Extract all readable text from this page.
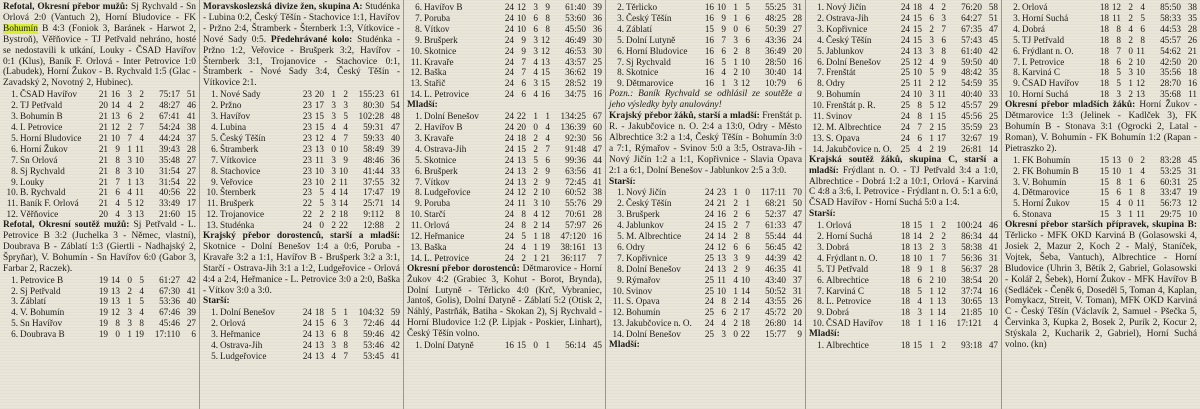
Refotal, Okresní přebor mužů: Sj Rychvald - Sn Orlová 2:0 (Vantuch 2), Horní Bludovice - FK Bohumín B 4:3 (Foniok 3, Baránek - Harwot 2, Bystroň), Věřňovice - TJ Petřvald nehráno, hosté se nedostavili k utkání, Louky - ČSAD Havířov 0:1 (Klus), Baník F. Orlová - Inter Petrovice 1:0 (Labudek), Horní Žukov - B. Rychvald 1:5 (Glac - Zavadský 2, Novotný 2, Hubinec).

1.	ČSAD Havířov	21	16	3	2	75:17	51
2.	TJ Petřvald	20	14	4	2	48:27	46
3.	Bohumín B	21	13	6	2	67:41	41
4.	I. Petrovice	21	12	2	7	54:24	38
5.	Horní Bludovice	21	10	7	4	44:24	37
6.	Horní Žukov	21	9	1	11	39:43	28
7.	Sn Orlová	21	8	3	10	35:48	27
8.	Sj Rychvald	21	8	3	10	31:54	27
9.	Louky	21	7	1	13	31:54	22
10.	B. Rychvald	21	6	4	11	40:56	22
11.	Baník F. Orlová	21	4	5	12	33:49	17
12.	Věřňovice	20	4	3	13	21:60	15

Refotal, Okresní soutěž mužů: Sj Petřvald - L. Petrovice B 3:2 (Juchelka 3 - Němec, vlastní), Doubrava B - Záblatí 1:3 (Giertli - Nadhajský 2, Špryňar), V. Bohumín - Sn Havířov 6:0 (Gabor 3, Farbar 2, Raczek).

1.	Petrovice B	19	14	0	5	61:27	42
2.	Sj Petřvald	19	13	2	4	67:30	41
3.	Záblatí	19	13	1	5	53:36	40
4.	V. Bohumín	19	12	3	4	67:46	39
5.	Sn Havířov	19	8	3	8	45:46	27
6.	Doubrava B	19	0	1	19	17:110	6

Moravskoslezská divize žen, skupina A: Studénka - Lubina 0:2, Český Těšín - Stachovice 1:1, Havířov - Pržno 2:4, Štramberk - Šternberk 1:3, Vítkovice - Nové Sady 0:5. Předehrávané kolo: Studénka - Pržno 1:2, Veřovice - Brušperk 3:2, Havířov - Šternberk 3:1, Trojanovice - Stachovice 0:1, Štramberk - Nové Sady 3:4, Český Těšín - Vítkovice 2:1.

1.	Nové Sady	23	20	1	2	155:23	61
2.	Pržno	23	17	3	3	80:30	54
3.	Havířov	23	15	3	5	102:28	48
4.	Lubina	23	15	4	4	59:31	47
5.	Český Těšín	23	12	4	7	59:33	40
6.	Štramberk	23	13	0	10	58:49	39
7.	Vítkovice	23	11	3	9	48:46	36
8.	Stachovice	23	10	3	10	41:44	33
9.	Veřovice	23	10	2	11	37:55	32
10.	Šternberk	23	5	4	14	17:47	19
11.	Brušperk	22	5	3	14	25:71	14
12.	Trojanovice	22	2	2	18	9:112	8
13.	Studénka	24	0	2	22	12:88	2

Krajský přebor dorostenců, starší a mladší: Skotnice - Dolní Benešov 1:4 a 0:6, Poruba - Kravaře 3:2 a 1:1, Havířov B - Brušperk 3:2 a 3:1, Starčí - Ostrava-Jih 3:1 a 1:2, Ludgeřovice - Orlová 4:4 a 2:4, Heřmanice - L. Petrovice 3:0 a 2:0, Baška - Vítkov 3:0 a 3:0.

Starší:
1.	Dolní Benešov	24	18	5	1	104:32	59
2.	Orlová	24	15	6	3	72:46	44
3.	Heřmanice	24	13	6	8	59:46	42
4.	Ostrava-Jih	24	13	3	8	53:46	42
5.	Ludgeřovice	24	13	4	7	53:45	41
6.	Havířov B	24	12	3	9	61:40	39
7.	Poruba	24	10	6	8	53:60	36
8.	Vítkov	24	10	6	8	45:50	36
9.	Brušperk	24	9	3	12	46:49	30
10.	Skotnice	24	9	3	12	46:53	30
11.	Kravaře	24	7	4	13	43:57	25
12.	Baška	24	7	4	15	36:62	19
13.	Stařič	24	6	3	15	28:52	19
14.	L. Petrovice	24	6	4	16	34:75	16
Mladší:
1.	Dolní Benešov	24	22	1	1	134:25	67
2.	Havířov B	24	20	0	4	136:39	60
3.	Kravaře	24	18	2	4	92:30	56
4.	Ostrava-Jih	24	15	2	7	91:48	47
5.	Skotnice	24	13	5	6	99:36	44
6.	Brušperk	24	13	2	9	63:56	41
7.	Vítkov	24	13	2	9	72:45	41
8.	Ludgeřovice	24	12	2	10	60:52	38
9.	Poruba	24	11	3	10	55:76	29
10.	Starčí	24	8	4	12	70:61	28
11.	Orlová	24	8	2	14	57:97	26
12.	Heřmanice	24	5	1	18	47:120	16
13.	Baška	24	4	1	19	38:161	13
14.	L. Petrovice	24	2	1	21	36:117	7

Okresní přebor dorostenců: Dětmarovice - Horní Žukov 4:2 (Grabiec 3, Kohut - Borot, Brynda), Dolní Lutyně - Těrlicko 4:0 (Krč, Vybraniec, Jantoš, Golis), Dolní Datyně - Záblatí 5:2 (Otisk 2, Náhlý, Pastrňák, Batiha - Skokan 2), Sj Rychvald - Horní Bludovice 1:2 (P. Lipjak - Poskier, Linhart), Český Těšín volno.

1.	Dolní Datyně	16	15	0	1	56:14	45
2.	Těrlicko	16	10	1	5	55:25	31
3.	Český Těšín	16	9	1	6	48:25	28
4.	Záblatí	15	9	0	6	50:39	27
5.	Dolní Lutyně	16	7	3	6	43:36	24
6.	Horní Bludovice	16	6	2	8	36:49	20
7.	Sj Rychvald	16	5	1	10	28:50	16
8.	Skotnice	16	4	2	10	30:40	14
9.	Dětmarovice	16	1	3	12	10:79	6

Pozn.: Baník Rychvald se odhlásil ze soutěže a jeho výsledky byly anulovány!

Krajský přebor žáků, starší a mladší: Frenštát p. R. - Jakubčovice n. O. 2:4 a 13:0, Odry - Město Albrechtice 3:2 a 1:4, Český Těšín - Bohumín 3:0 a 7:1, Rýmařov - Svinov 5:0 a 3:5, Ostrava-Jih - Nový Jičín 1:2 a 1:1, Kopřivnice - Slavia Opava 2:1 a 6:1, Dolní Benešov - Jablunkov 2:5 a 3:0.

Starší:
1.	Nový Jičín	24	23	1	0	117:11	70
2.	Český Těšín	24	21	2	1	68:21	50
3.	Brušperk	24	16	2	6	52:37	47
4.	Jablunkov	24	15	2	7	61:33	47
5.	M. Albrechtice	24	14	2	8	55:44	44
6.	Odry	24	12	6	6	56:45	42
7.	Kopřivnice	25	13	3	9	44:39	42
8.	Dolní Benešov	24	13	2	9	46:35	41
9.	Rýmařov	25	11	4	10	43:40	37
10.	Svinov	25	10	1	14	50:52	31
11.	S. Opava	24	8	2	14	43:55	26
12.	Bohumín	25	6	2	17	45:72	20
13.	Jakubčovice n. O.	24	4	2	18	26:80	14
14.	Dolní Benešov	25	3	0	22	15:77	9
Mladší:
1.	Nový Jičín	24	18	4	2	76:20	58
2.	Ostrava-Jih	24	15	6	3	64:27	51
3.	Kopřivnice	24	15	2	7	67:35	47
4.	Český Těšín	24	15	3	6	57:43	45
5.	Jablunkov	24	13	3	8	61:40	42
6.	Dolní Benešov	25	12	4	9	59:50	40
7.	Frenštát	25	10	5	9	48:42	35
8.	Odry	25	11	2	12	54:59	35
9.	Bohumín	24	10	3	11	40:40	33
10.	Frenštát p. R.	25	8	5	12	45:57	29
11.	Svinov	24	8	1	15	45:56	25
12.	M. Albrechtice	24	7	2	15	35:59	23
13.	S. Opava	24	6	1	17	32:67	19
14.	Jakubčovice n. O.	25	4	2	19	26:81	14

Krajská soutěž žáků, skupina C, starší a mladší: Frýdlant n. O. - TJ Petřvald 3:4 a 1:0, Albrechtice - Dobrá 1:2 a 10:1, Orlová - Karviná C 4:8 a 3:6, I. Petrovice - Frýdlant n. O. 5:1 a 6:0, ČSAD Havířov - Horní Suchá 5:0 a 1:4.

Starší:
1.	Orlová	18	15	1	2	100:24	46
2.	Horní Suchá	18	14	2	2	86:34	44
3.	Dobrá	18	13	2	3	58:38	41
4.	Frýdlant n. O.	18	10	1	7	56:36	31
5.	TJ Petřvald	18	9	1	8	56:37	28
6.	Albrechtice	18	6	2	10	38:54	20
7.	Karviná C	18	5	1	12	37:74	16
8.	L. Petrovice	18	4	1	13	30:65	13
9.	Dobrá	18	3	1	14	21:85	10
10.	ČSAD Havířov	18	1	1	16	17:121	4
Mladší:
1.	Albrechtice	18	15	1	2	93:18	47
2.	Orlová	18	12	2	4	85:50	38
3.	Horní Suchá	18	11	2	5	58:33	35
4.	Dobrá	18	8	4	6	44:53	28
5.	TJ Petřvald	18	8	2	8	45:57	26
6.	Frýdlant n. O.	18	7	0	11	54:62	21
7.	I. Petrovice	18	6	2	10	42:50	20
8.	Karviná C	18	5	3	10	35:56	18
9.	ČSAD Havířov	18	5	1	12	28:70	16
10.	Horní Suchá	18	3	2	13	35:68	11

Okresní přebor mladších žáků: Horní Žukov - Dětmarovice 1:3 (Jelinek - Kadlček 3), FK Bohumín B - Stonava 3:1 (Ogrocki 2, Latal - Roman), V. Bohumín - FK Bohumín 1:2 (Rapan - Pietraszko 2).

1.	FK Bohumín	15	13	0	2	83:28	45
2.	FK Bohumín B	15	10	1	4	53:25	31
3.	V. Bohumín	15	8	1	6	60:31	25
4.	Dětmarovice	15	6	1	8	33:47	19
5.	Horní Žukov	15	4	0	11	56:73	12
6.	Stonava	15	3	1	11	29:75	10

Okresní přebor starších přípravek, skupina B: Těrlicko - MFK OKD Karviná B (Golasowski 4, Josiek 2, Mazur 2, Koch 2 - Malý, Staníček, Vojtek, Šeba, Vantuch), Albrechtice - Horní Bludovice (Uhrin 3, Bětík 2, Gabriel, Golasowski - Kolář 2, Šebek), Horní Žukov - MFK Havířov B (Sedláček - Čeněk 6, Doseděl 5, Toman 4, Kaplan, Pomykacz, Streit, V. Toman), MFK OKD Karviná C - Český Těšín (Václavík 2, Samuel - Pšečka 5, Červinka 3, Kupka 2, Bosek 2, Purík 2, Kocur 2, Stýskala 2, Kucharik 2, Gabriel), Horní Suchá volno. (kn)
